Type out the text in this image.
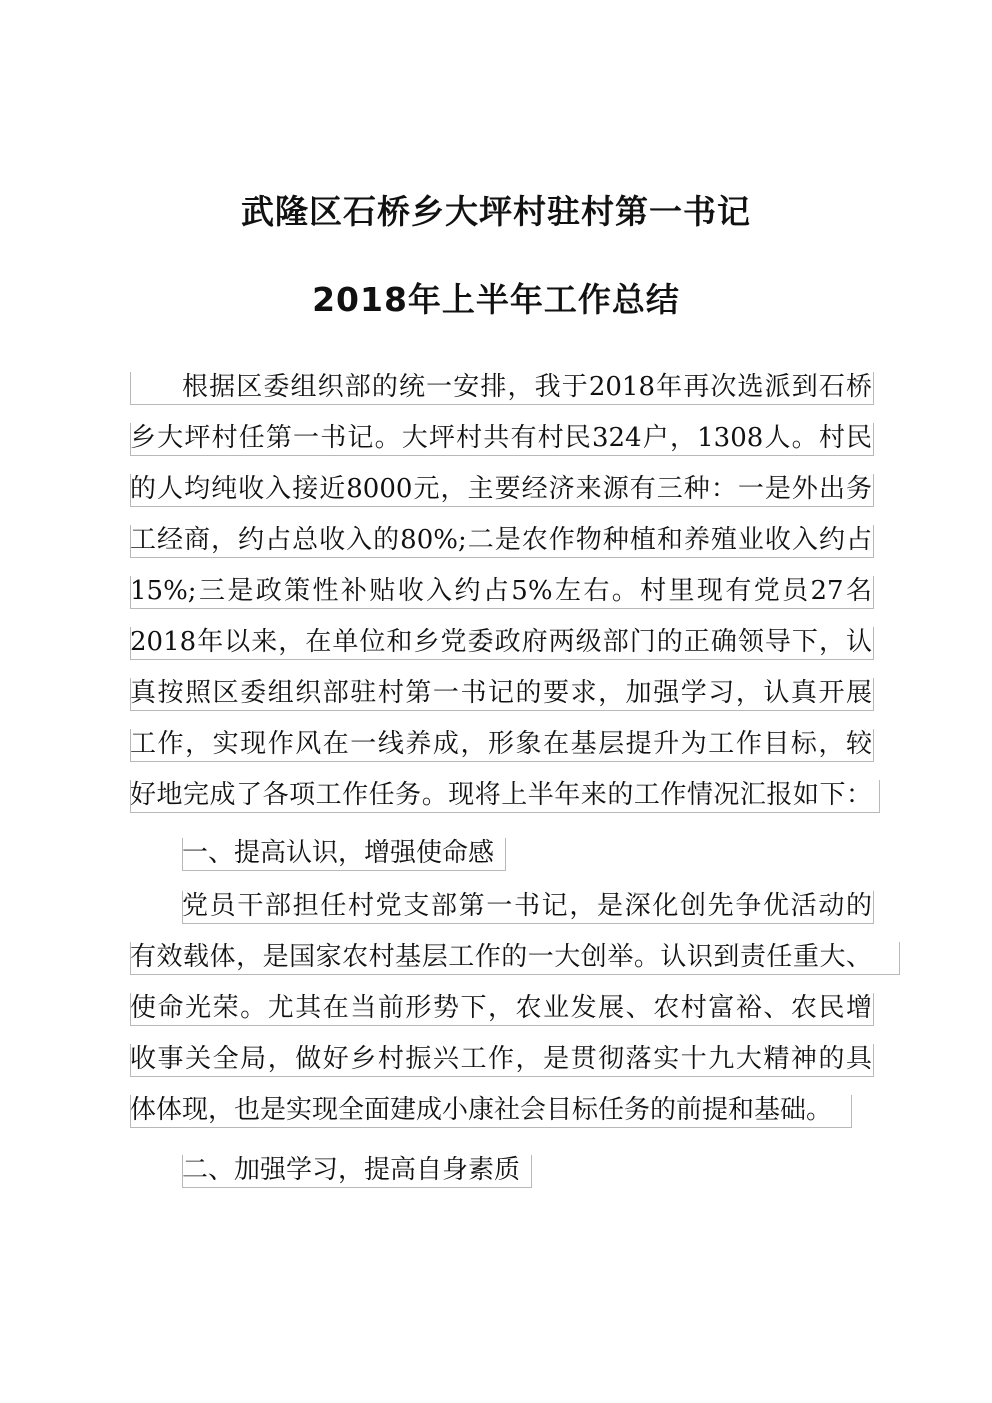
武隆区石桥乡大坪村驻村第一书记
2018年上半年工作总结
根据区委组织部的统一安排，我于2018年再次选派到石桥
乡大坪村任第一书记。大坪村共有村民324户，1308人。村民
的人均纯收入接近8000元，主要经济来源有三种：一是外出务
工经商，约占总收入的80%;二是农作物种植和养殖业收入约占
15%;三是政策性补贴收入约占5%左右。村里现有党员27名
2018年以来，在单位和乡党委政府两级部门的正确领导下，认
真按照区委组织部驻村第一书记的要求，加强学习，认真开展
工作，实现作风在一线养成，形象在基层提升为工作目标，较
好地完成了各项工作任务。现将上半年来的工作情况汇报如下：
一、提高认识，增强使命感
党员干部担任村党支部第一书记，是深化创先争优活动的
有效载体，是国家农村基层工作的一大创举。认识到责任重大、
使命光荣。尤其在当前形势下，农业发展、农村富裕、农民增
收事关全局，做好乡村振兴工作，是贯彻落实十九大精神的具
体体现，也是实现全面建成小康社会目标任务的前提和基础。
二、加强学习，提高自身素质
